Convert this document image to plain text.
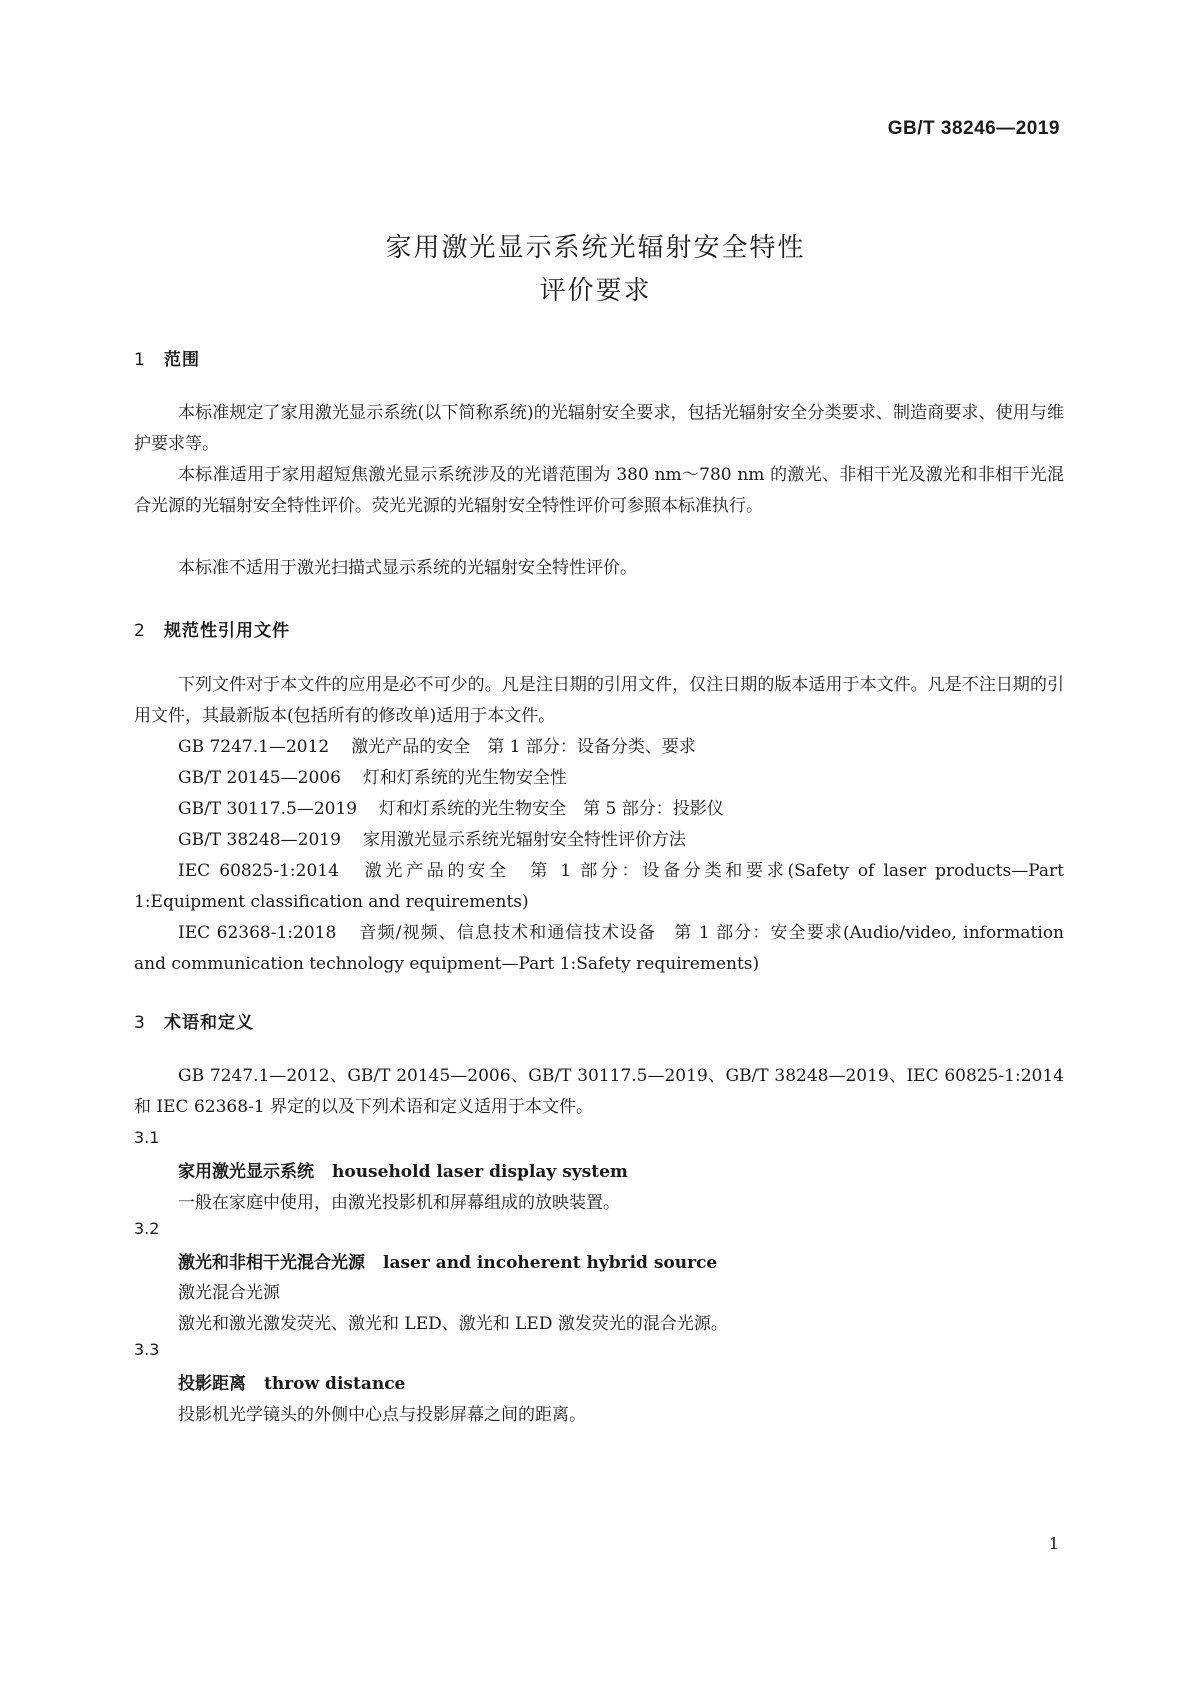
GB/T 38246—2019
家用激光显示系统光辐射安全特性
评价要求
1 范围
本标准规定了家用激光显示系统(以下简称系统)的光辐射安全要求，包括光辐射安全分类要求、制造商要求、使用与维护要求等。
本标准适用于家用超短焦激光显示系统涉及的光谱范围为 380 nm～780 nm 的激光、非相干光及激光和非相干光混合光源的光辐射安全特性评价。荧光光源的光辐射安全特性评价可参照本标准执行。
本标准不适用于激光扫描式显示系统的光辐射安全特性评价。
2 规范性引用文件
下列文件对于本文件的应用是必不可少的。凡是注日期的引用文件，仅注日期的版本适用于本文件。凡是不注日期的引用文件，其最新版本(包括所有的修改单)适用于本文件。
GB 7247.1—2012 激光产品的安全　第 1 部分：设备分类、要求
GB/T 20145—2006 灯和灯系统的光生物安全性
GB/T 30117.5—2019 灯和灯系统的光生物安全　第 5 部分：投影仪
GB/T 38248—2019 家用激光显示系统光辐射安全特性评价方法
IEC 60825-1:2014 激光产品的安全　第 1 部分：设备分类和要求(Safety of laser products—Part 1:Equipment classification and requirements)
IEC 62368-1:2018 音频/视频、信息技术和通信技术设备　第 1 部分：安全要求(Audio/video, information and communication technology equipment—Part 1:Safety requirements)
3 术语和定义
GB 7247.1—2012、GB/T 20145—2006、GB/T 30117.5—2019、GB/T 38248—2019、IEC 60825-1:2014 和 IEC 62368-1 界定的以及下列术语和定义适用于本文件。
3.1
家用激光显示系统 household laser display system
一般在家庭中使用，由激光投影机和屏幕组成的放映装置。
3.2
激光和非相干光混合光源 laser and incoherent hybrid source
激光混合光源
激光和激光激发荧光、激光和 LED、激光和 LED 激发荧光的混合光源。
3.3
投影距离 throw distance
投影机光学镜头的外侧中心点与投影屏幕之间的距离。
1
